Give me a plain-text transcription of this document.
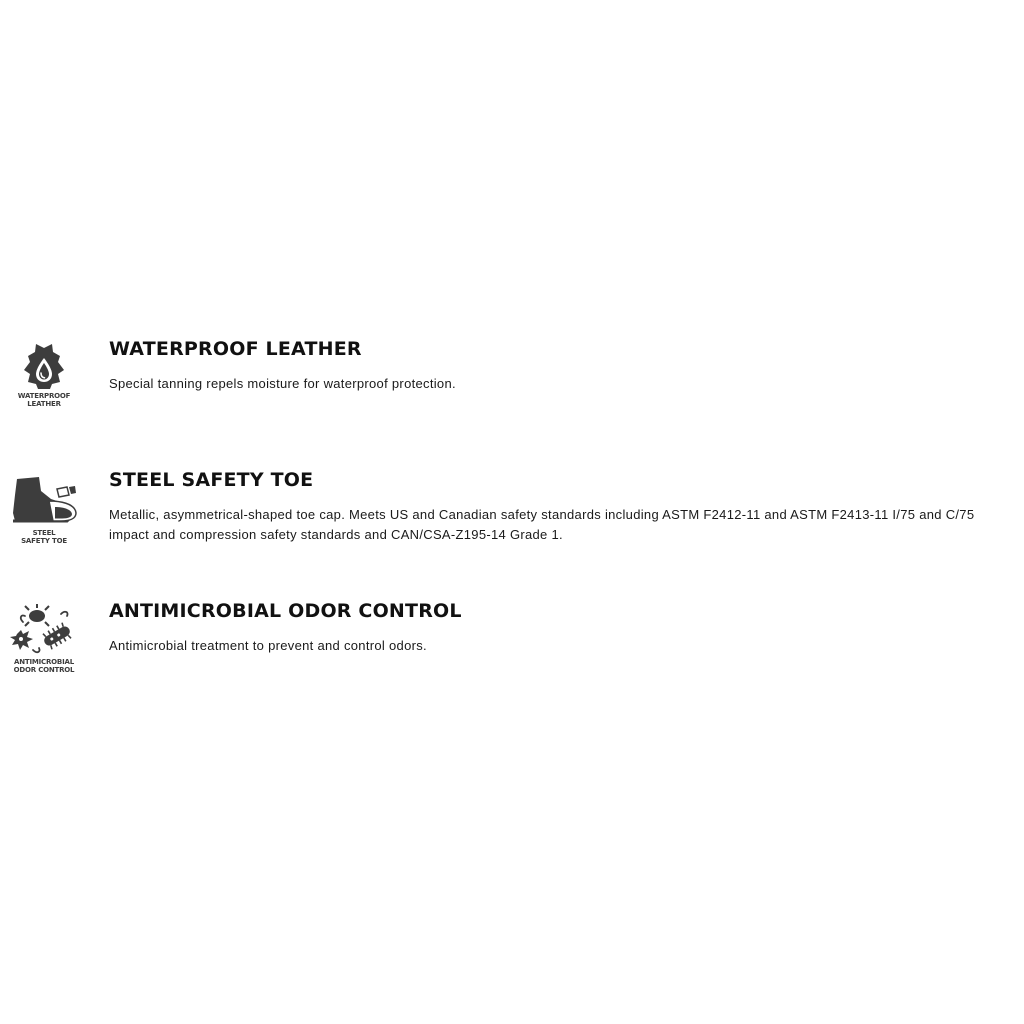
WATERPROOF
LEATHER
WATERPROOF LEATHER

Special tanning repels moisture for waterproof protection.

STEEL
SAFETY TOE
STEEL SAFETY TOE

Metallic, asymmetrical-shaped toe cap. Meets US and Canadian safety standards including ASTM F2412-11 and ASTM F2413-11 I/75 and C/75 impact and compression safety standards and CAN/CSA-Z195-14 Grade 1.

ANTIMICROBIAL
ODOR CONTROL
ANTIMICROBIAL ODOR CONTROL

Antimicrobial treatment to prevent and control odors.
